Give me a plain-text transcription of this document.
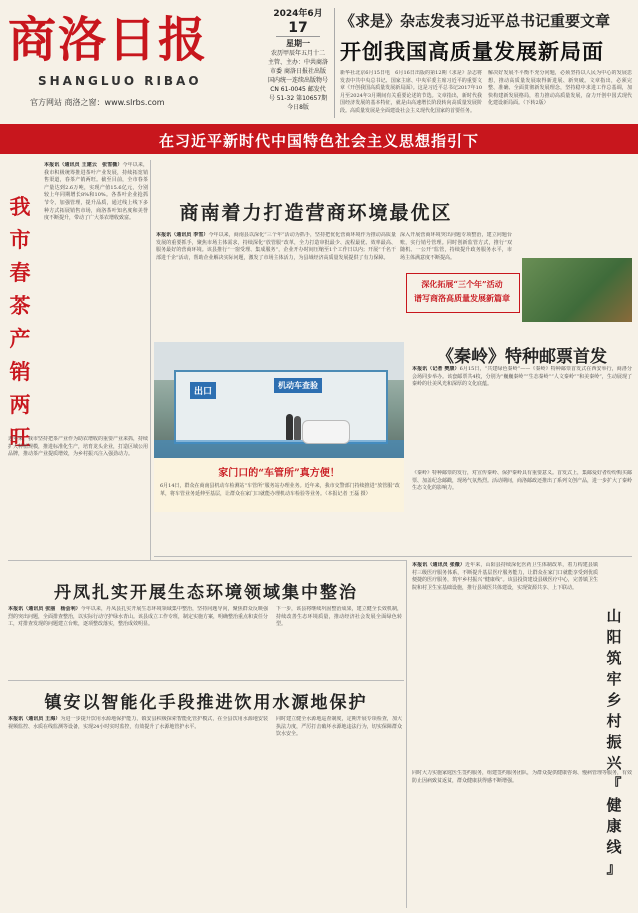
商洛日报
SHANGLUO RIBAO
官方网站 商洛之窗：www.slrbs.com
2024年6月
17
星期一
农历甲辰年五月十二
主管、主办：中共商洛市委 商洛日报社出版 国内统一连续出版物号 CN 61-0045 邮发代号 51-32 第10657期 今日8版
《求是》杂志发表习近平总书记重要文章
开创我国高质量发展新局面
新华社北京6月15日电　6月16日出版的第12期《求是》杂志将发表中共中央总书记、国家主席、中央军委主席习近平的重要文章《开创我国高质量发展新局面》。这是习近平总书记2017年10月至2024年3月期间有关重要论述的节选。文章指出，新时代我国经济发展的基本特征，就是由高速增长阶段转向高质量发展阶段。高质量发展是全面建设社会主义现代化国家的首要任务。
解决好发展不平衡不充分问题，必须坚持以人民为中心的发展思想，推动高质量发展取得新进展、新突破。文章指出，必须完整、准确、全面贯彻新发展理念，坚持稳中求进工作总基调，加快构建新发展格局，着力推动高质量发展，奋力开创中国式现代化建设新局面。（下转2版）
在习近平新时代中国特色社会主义思想指引下
我
市
春
茶
产
销
两
旺
本报讯（通讯员 王建云　张雪薇）今年以来，我市积极统筹推进茶叶产业发展，持续拓宽销售渠道，春茶产销两旺。截至目前，全市春茶产量达到2.6万吨，实现产值15.6亿元，分别较上年同期增长8%和10%。各茶叶企业抢抓节令，加强管理，提升品质，通过线上线下多种方式拓展销售市场，商洛茶叶知名度和美誉度不断提升，带动了广大茶农增收致富。
近年来，我市坚持把茶产业作为助农增收的重要产业来抓，持续扩大种植规模，推进标准化生产，培育龙头企业，打造区域公用品牌，推动茶产业提质增效，为乡村振兴注入强劲动力。
商南着力打造营商环境最优区
本报讯（通讯员 李雪）今年以来，商南县以深化“三个年”活动为抓手，坚持把优化营商环境作为推动高质量发展的重要抓手，聚焦市场主体需求，持续深化“放管服”改革，全力打造审批最少、流程最优、效率最高、服务最好的营商环境。该县推行“一窗受理、集成服务”，企业开办时间压缩至1个工作日以内；开展“千名干部进千企”活动，帮助企业解决实际问题，激发了市场主体活力，为县域经济高质量发展提供了有力保障。
深入开展营商环境突出问题专项整治，建立问题台账，实行销号管理。同时创新监管方式，推行“双随机、一公开”监管，持续提升政务服务水平，市场主体满意度不断提高。
深化拓展“三个年”活动
谱写商洛高质量发展新篇章
出口
机动车查验
家门口的“车管所”真方便！
6月14日，群众在商南县机动车检测站“车管所”服务站办理业务。近年来，我市交警部门持续推进“放管服”改革，将车管业务延伸至基层，让群众在家门口就能办理机动车检验等业务。（本报记者 王磊 摄）
《秦岭》特种邮票首发
本报讯（记者 樊康）6月15日，“共建绿色秦岭”——《秦岭》特种邮票首发式在西安举行，商洛分会场同步举办。该套邮票共4枚，分别为“巍巍秦岭”“生态秦岭”“人文秦岭”“和美秦岭”，生动展现了秦岭的壮美风光和深厚的文化底蕴。
《秦岭》特种邮票的发行，对宣传秦岭、保护秦岭具有重要意义。首发式上，集邮爱好者纷纷购买邮票、加盖纪念邮戳，现场气氛热烈。活动期间，商洛邮政还推出了系列文创产品，进一步扩大了秦岭生态文化的影响力。
山
阳
筑
牢
乡
村
振
兴
『
健
康
线
』
本报讯（通讯员 张薇）近年来，山阳县持续深化医药卫生体制改革，着力构建县镇村三级医疗服务体系，不断提升基层医疗服务能力，让群众在家门口就能享受到优质便捷的医疗服务，筑牢乡村振兴“健康线”。该县投资建设县级医疗中心，完善镇卫生院和村卫生室基础设施，推行县域医共体建设，实现资源共享、上下联动。
同时大力实施家庭医生签约服务，组建签约服务团队，为群众提供健康咨询、慢病管理等服务，有效防止因病致贫返贫，群众健康获得感不断增强。
丹凤扎实开展生态环境领域集中整治
本报讯（通讯员 张丽　杨会利）今年以来，丹凤县扎实开展生态环境领域集中整治，坚持问题导向，聚焦群众反映强烈的突出问题，全面排查整治，以实际行动守护绿水青山。该县成立工作专班，制定实施方案，明确整治重点和责任分工，对排查发现的问题建立台账，逐项整改落实，整治成效明显。
下一步，该县将继续巩固整治成果，建立健全长效机制，持续改善生态环境质量，推动经济社会发展全面绿色转型。
镇安以智能化手段推进饮用水源地保护
本报讯（通讯员 王海）为进一步提升饮用水源地保护能力，镇安县积极探索智能化管护模式，在全县饮用水源地安装视频监控、水质在线监测等设备，实现24小时实时监控，有效提升了水源地管护水平。
同时建立健全水源地巡查制度，定期开展专项检查，加大执法力度，严厉打击破坏水源地违法行为，切实保障群众饮水安全。
